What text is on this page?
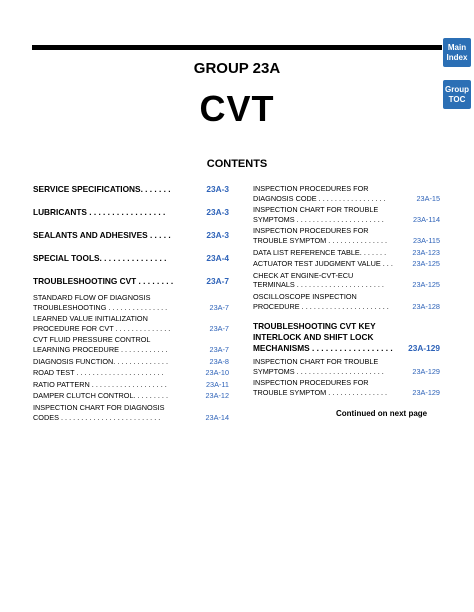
Main
Index
Group
TOC
GROUP 23A
CVT
CONTENTS
SERVICE SPECIFICATIONS. . . . . . .	23A-3
LUBRICANTS . . . . . . . . . . . . . . . . .	23A-3
SEALANTS AND ADHESIVES . . . . .	23A-3
SPECIAL TOOLS. . . . . . . . . . . . . . .	23A-4
TROUBLESHOOTING CVT . . . . . . . .	23A-7
STANDARD FLOW OF DIAGNOSIS
TROUBLESHOOTING . . . . . . . . . . . . . . .	23A-7
LEARNED VALUE INITIALIZATION
PROCEDURE FOR CVT . . . . . . . . . . . . . .	23A-7
CVT FLUID PRESSURE CONTROL
LEARNING PROCEDURE . . . . . . . . . . . .	23A-7
DIAGNOSIS FUNCTION. . . . . . . . . . . . . .	23A-8
ROAD TEST . . . . . . . . . . . . . . . . . . . . . .	23A-10
RATIO PATTERN . . . . . . . . . . . . . . . . . . .	23A-11
DAMPER CLUTCH CONTROL. . . . . . . . .	23A-12
INSPECTION CHART FOR DIAGNOSIS
CODES . . . . . . . . . . . . . . . . . . . . . . . . .	23A-14
INSPECTION PROCEDURES FOR
DIAGNOSIS CODE . . . . . . . . . . . . . . . . .	23A-15
INSPECTION CHART FOR TROUBLE
SYMPTOMS . . . . . . . . . . . . . . . . . . . . . .	23A-114
INSPECTION PROCEDURES FOR
TROUBLE SYMPTOM . . . . . . . . . . . . . . .	23A-115
DATA LIST REFERENCE TABLE. . . . . . .	23A-123
ACTUATOR TEST JUDGMENT VALUE . . .	23A-125
CHECK AT ENGINE-CVT-ECU
TERMINALS . . . . . . . . . . . . . . . . . . . . . .	23A-125
OSCILLOSCOPE INSPECTION
PROCEDURE . . . . . . . . . . . . . . . . . . . . . .	23A-128
TROUBLESHOOTING CVT KEY
INTERLOCK AND SHIFT LOCK
MECHANISMS . . . . . . . . . . . . . . . . . .	23A-129
INSPECTION CHART FOR TROUBLE
SYMPTOMS . . . . . . . . . . . . . . . . . . . . . .	23A-129
INSPECTION PROCEDURES FOR
TROUBLE SYMPTOM . . . . . . . . . . . . . . .	23A-129
Continued on next page
